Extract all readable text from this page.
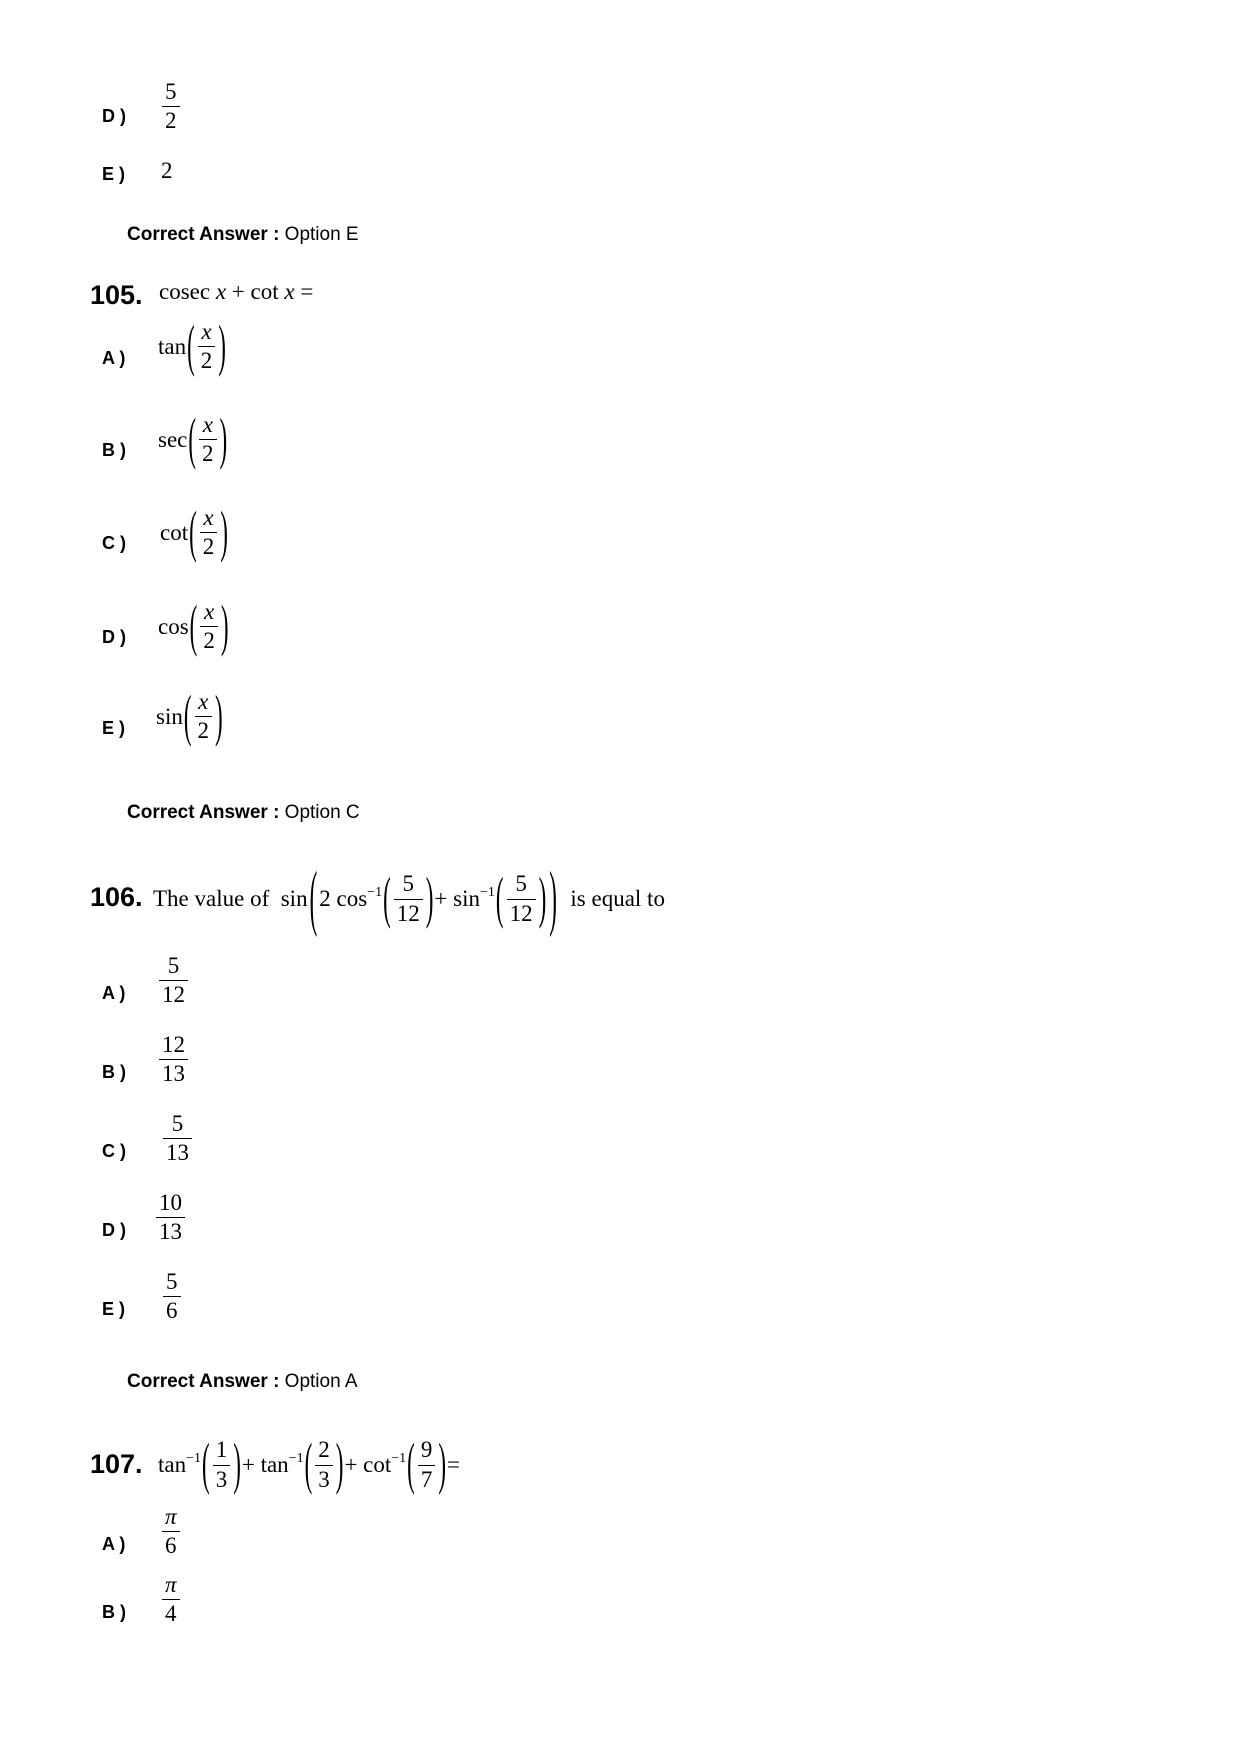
D )	$\frac{5}{2}$
E )	2
Correct Answer : Option E
105. cosec
x
+
cot
x
=
A )	tan ( $\frac{x}{2}$ )
B )	sec ( $\frac{x}{2}$ )
C )	cot ( $\frac{x}{2}$ )
D )	cos ( $\frac{x}{2}$ )
E )	sin ( $\frac{x}{2}$ )
Correct Answer : Option C
106. The value of
sin ( 2 $\cos^{-1}$ ( $\frac{5}{12}$ ) + $\sin^{-1}$ ( $\frac{5}{12}$ ) )
is equal to
A )	$\frac{5}{12}$
B )	$\frac{12}{13}$
C )	$\frac{5}{13}$
D )	$\frac{10}{13}$
E )	$\frac{5}{6}$
Correct Answer : Option A
107. $\tan^{-1}$ ( $\frac{1}{3}$ ) + $\tan^{-1}$ ( $\frac{2}{3}$ ) + $\cot^{-1}$ ( $\frac{9}{7}$ ) =
A )	$\frac{\pi}{6}$
B )	$\frac{\pi}{4}$
